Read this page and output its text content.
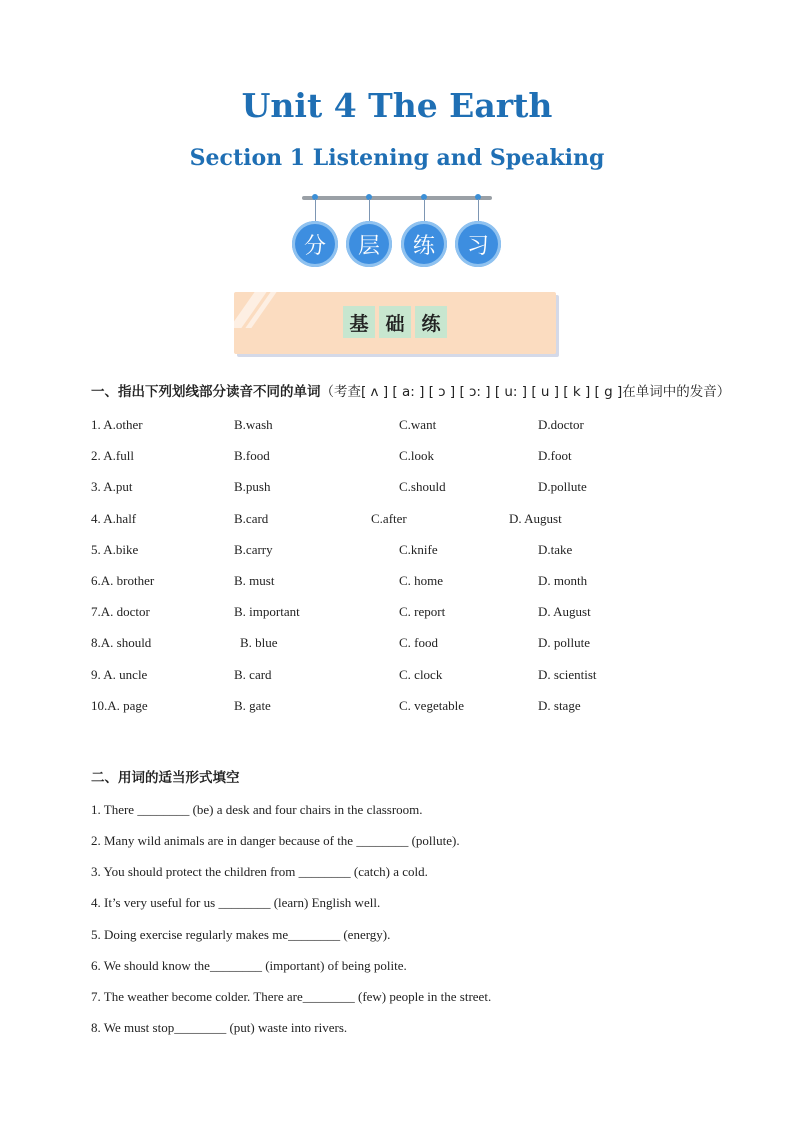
Unit 4 The Earth
Section 1 Listening and Speaking
分	层	练	习
基 础 练
一、指出下列划线部分读音不同的单词（考查[ ʌ ] [ a: ] [ ɔ ] [ ɔ: ] [ u: ] [ u ] [ k ] [ g ]在单词中的发音）
1. A.other	B.wash	C.want	D.doctor
2. A.full	B.food	C.look	D.foot
3. A.put	B.push	C.should	D.pollute
4. A.half	B.card	C.after	D. August
5. A.bike	B.carry	C.knife	D.take
6.A. brother	B. must	C. home	D. month
7.A. doctor	B. important	C. report	D. August
8.A. should	B. blue	C. food	D. pollute
9. A. uncle	B. card	C. clock	D. scientist
10.A. page	B. gate	C. vegetable	D. stage
二、用词的适当形式填空
1. There ________ (be) a desk and four chairs in the classroom.
2. Many wild animals are in danger because of the ________ (pollute).
3. You should protect the children from ________ (catch) a cold.
4. It’s very useful for us ________ (learn) English well.
5. Doing exercise regularly makes me________ (energy).
6. We should know the________ (important) of being polite.
7. The weather become colder. There are________ (few) people in the street.
8. We must stop________ (put) waste into rivers.
